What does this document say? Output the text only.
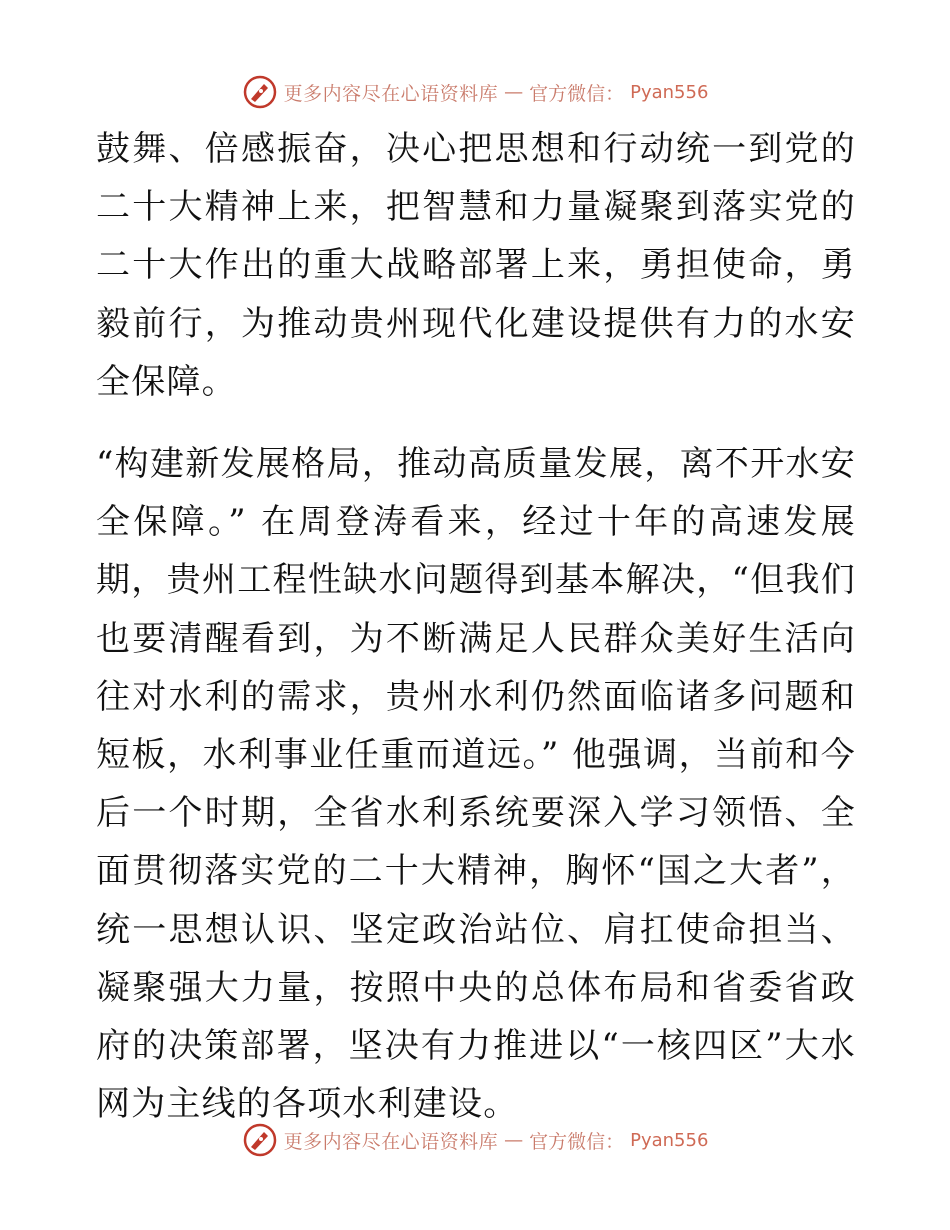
更多内容尽在心语资料库 — 官方微信： Pyan556

鼓舞、倍感振奋，决心把思想和行动统一到党的二十大精神上来，把智慧和力量凝聚到落实党的二十大作出的重大战略部署上来，勇担使命，勇毅前行，为推动贵州现代化建设提供有力的水安全保障。

“构建新发展格局，推动高质量发展，离不开水安全保障。” 在周登涛看来，经过十年的高速发展期，贵州工程性缺水问题得到基本解决，“但我们也要清醒看到，为不断满足人民群众美好生活向往对水利的需求，贵州水利仍然面临诸多问题和短板，水利事业任重而道远。” 他强调，当前和今后一个时期，全省水利系统要深入学习领悟、全面贯彻落实党的二十大精神，胸怀“国之大者”，统一思想认识、坚定政治站位、肩扛使命担当、凝聚强大力量，按照中央的总体布局和省委省政府的决策部署，坚决有力推进以“一核四区”大水网为主线的各项水利建设。

更多内容尽在心语资料库 — 官方微信： Pyan556
